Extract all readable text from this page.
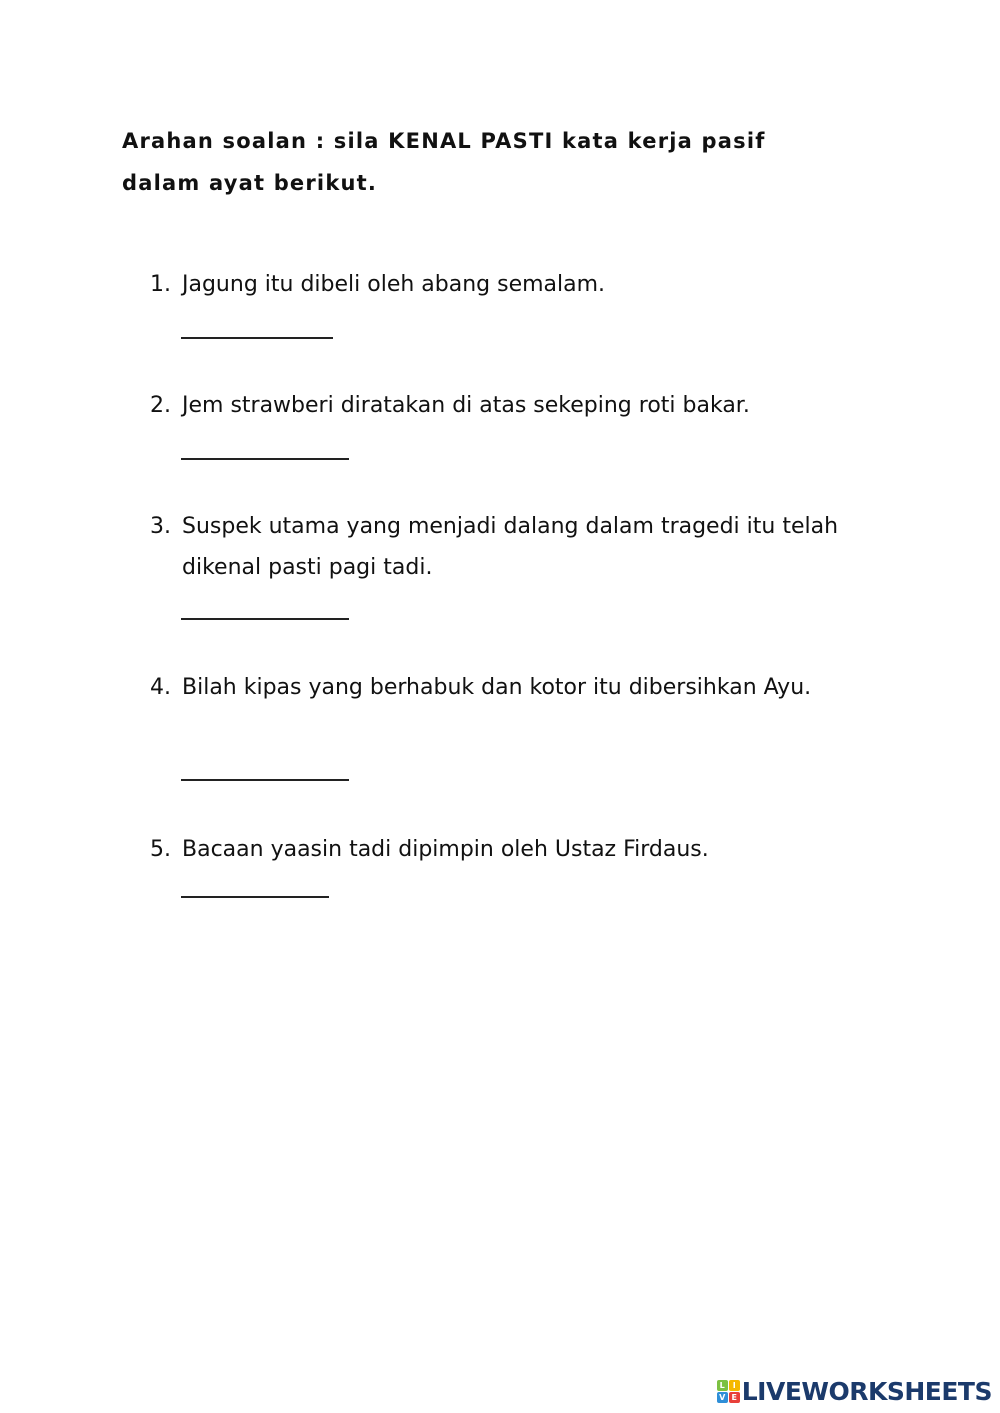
Arahan soalan : sila KENAL PASTI kata kerja pasif
dalam ayat berikut.
1. Jagung itu dibeli oleh abang semalam.
2. Jem strawberi diratakan di atas sekeping roti bakar.
3. Suspek utama yang menjadi dalang dalam tragedi itu telah dikenal pasti pagi tadi.
4. Bilah kipas yang berhabuk dan kotor itu dibersihkan Ayu.
5. Bacaan yaasin tadi dipimpin oleh Ustaz Firdaus.
L I
V E LIVEWORKSHEETS
